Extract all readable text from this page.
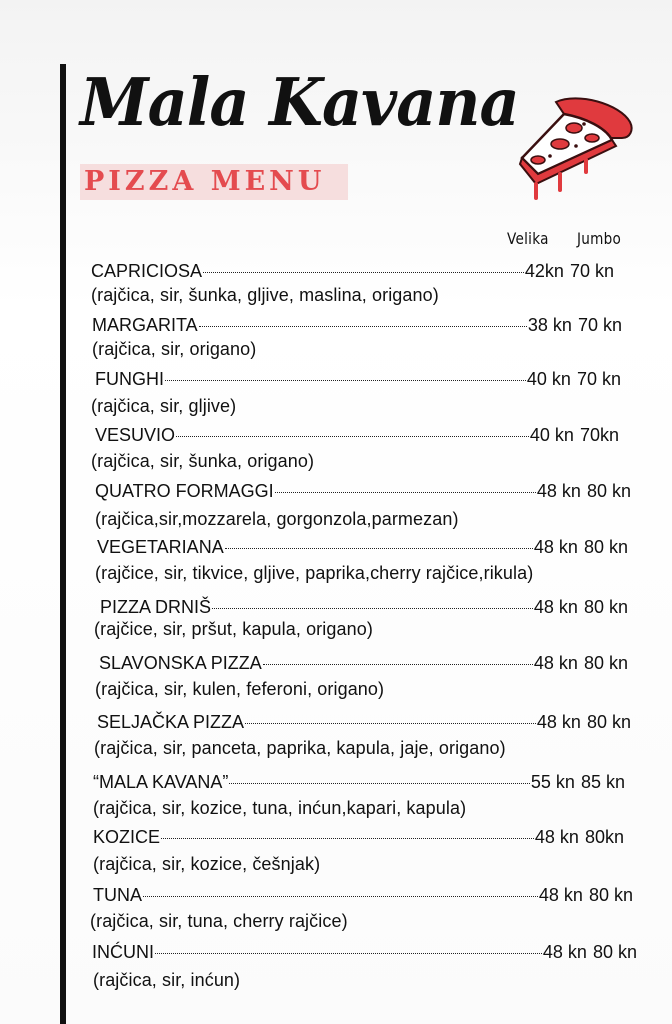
Mala Kavana
PIZZA MENU
Velika Jumbo
CAPRICIOSA	42kn 70 kn
(rajčica, sir, šunka, gljive, maslina, origano)
MARGARITA	38 kn 70 kn
(rajčica, sir, origano)
FUNGHI	40 kn 70 kn
(rajčica, sir, gljive)
VESUVIO	40 kn 70kn
(rajčica, sir, šunka, origano)
QUATRO FORMAGGI	48 kn 80 kn
(rajčica,sir,mozzarela, gorgonzola,parmezan)
VEGETARIANA	48 kn 80 kn
(rajčice, sir, tikvice, gljive, paprika,cherry rajčice,rikula)
PIZZA DRNIŠ	48 kn 80 kn
(rajčice, sir, pršut, kapula, origano)
SLAVONSKA PIZZA	48 kn 80 kn
(rajčica, sir, kulen, feferoni, origano)
SELJAČKA PIZZA	48 kn 80 kn
(rajčica, sir, panceta, paprika, kapula, jaje, origano)
“MALA KAVANA”	55 kn 85 kn
(rajčica, sir, kozice, tuna, inćun,kapari, kapula)
KOZICE	48 kn 80kn
(rajčica, sir, kozice, češnjak)
TUNA	48 kn 80 kn
(rajčica, sir, tuna, cherry rajčice)
INĆUNI	48 kn 80 kn
(rajčica, sir, inćun)
